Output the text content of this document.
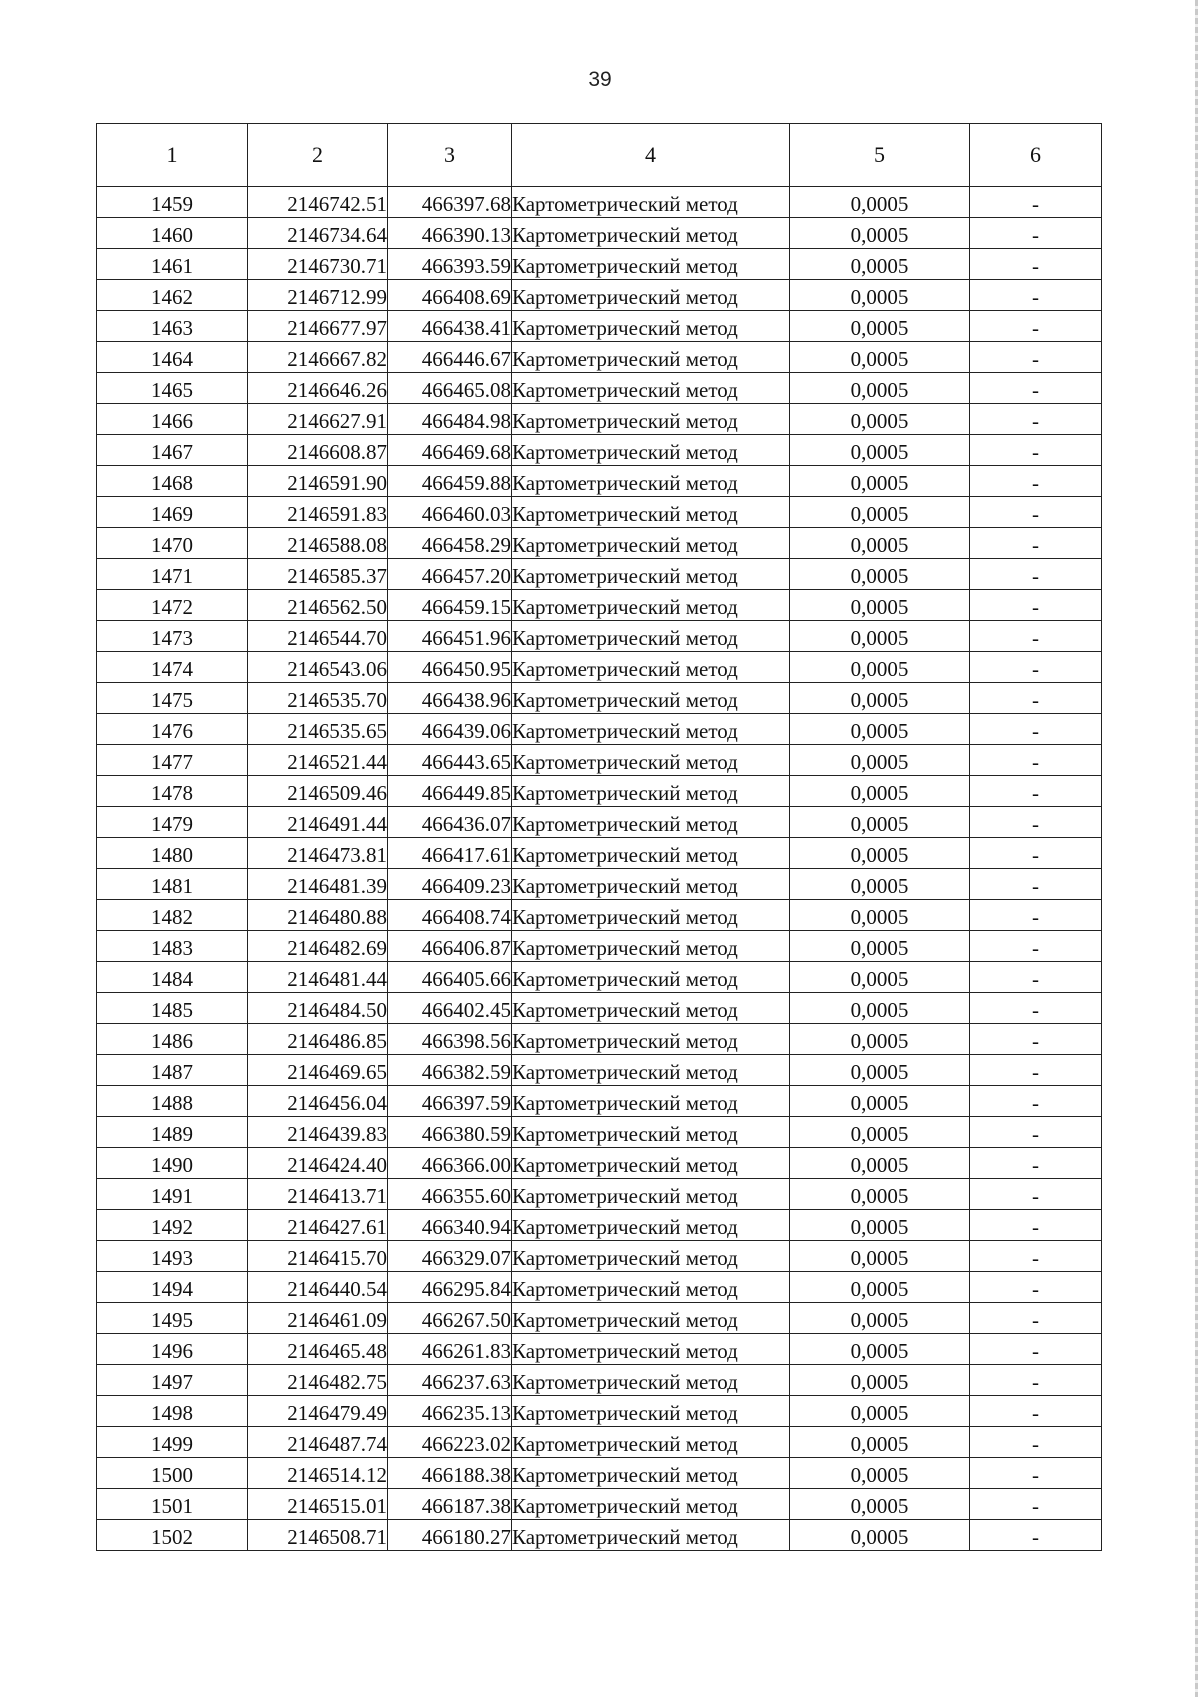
39
1	2	3	4	5	6
1459	2146742.51	466397.68	Картометрический метод	0,0005	-
1460	2146734.64	466390.13	Картометрический метод	0,0005	-
1461	2146730.71	466393.59	Картометрический метод	0,0005	-
1462	2146712.99	466408.69	Картометрический метод	0,0005	-
1463	2146677.97	466438.41	Картометрический метод	0,0005	-
1464	2146667.82	466446.67	Картометрический метод	0,0005	-
1465	2146646.26	466465.08	Картометрический метод	0,0005	-
1466	2146627.91	466484.98	Картометрический метод	0,0005	-
1467	2146608.87	466469.68	Картометрический метод	0,0005	-
1468	2146591.90	466459.88	Картометрический метод	0,0005	-
1469	2146591.83	466460.03	Картометрический метод	0,0005	-
1470	2146588.08	466458.29	Картометрический метод	0,0005	-
1471	2146585.37	466457.20	Картометрический метод	0,0005	-
1472	2146562.50	466459.15	Картометрический метод	0,0005	-
1473	2146544.70	466451.96	Картометрический метод	0,0005	-
1474	2146543.06	466450.95	Картометрический метод	0,0005	-
1475	2146535.70	466438.96	Картометрический метод	0,0005	-
1476	2146535.65	466439.06	Картометрический метод	0,0005	-
1477	2146521.44	466443.65	Картометрический метод	0,0005	-
1478	2146509.46	466449.85	Картометрический метод	0,0005	-
1479	2146491.44	466436.07	Картометрический метод	0,0005	-
1480	2146473.81	466417.61	Картометрический метод	0,0005	-
1481	2146481.39	466409.23	Картометрический метод	0,0005	-
1482	2146480.88	466408.74	Картометрический метод	0,0005	-
1483	2146482.69	466406.87	Картометрический метод	0,0005	-
1484	2146481.44	466405.66	Картометрический метод	0,0005	-
1485	2146484.50	466402.45	Картометрический метод	0,0005	-
1486	2146486.85	466398.56	Картометрический метод	0,0005	-
1487	2146469.65	466382.59	Картометрический метод	0,0005	-
1488	2146456.04	466397.59	Картометрический метод	0,0005	-
1489	2146439.83	466380.59	Картометрический метод	0,0005	-
1490	2146424.40	466366.00	Картометрический метод	0,0005	-
1491	2146413.71	466355.60	Картометрический метод	0,0005	-
1492	2146427.61	466340.94	Картометрический метод	0,0005	-
1493	2146415.70	466329.07	Картометрический метод	0,0005	-
1494	2146440.54	466295.84	Картометрический метод	0,0005	-
1495	2146461.09	466267.50	Картометрический метод	0,0005	-
1496	2146465.48	466261.83	Картометрический метод	0,0005	-
1497	2146482.75	466237.63	Картометрический метод	0,0005	-
1498	2146479.49	466235.13	Картометрический метод	0,0005	-
1499	2146487.74	466223.02	Картометрический метод	0,0005	-
1500	2146514.12	466188.38	Картометрический метод	0,0005	-
1501	2146515.01	466187.38	Картометрический метод	0,0005	-
1502	2146508.71	466180.27	Картометрический метод	0,0005	-
